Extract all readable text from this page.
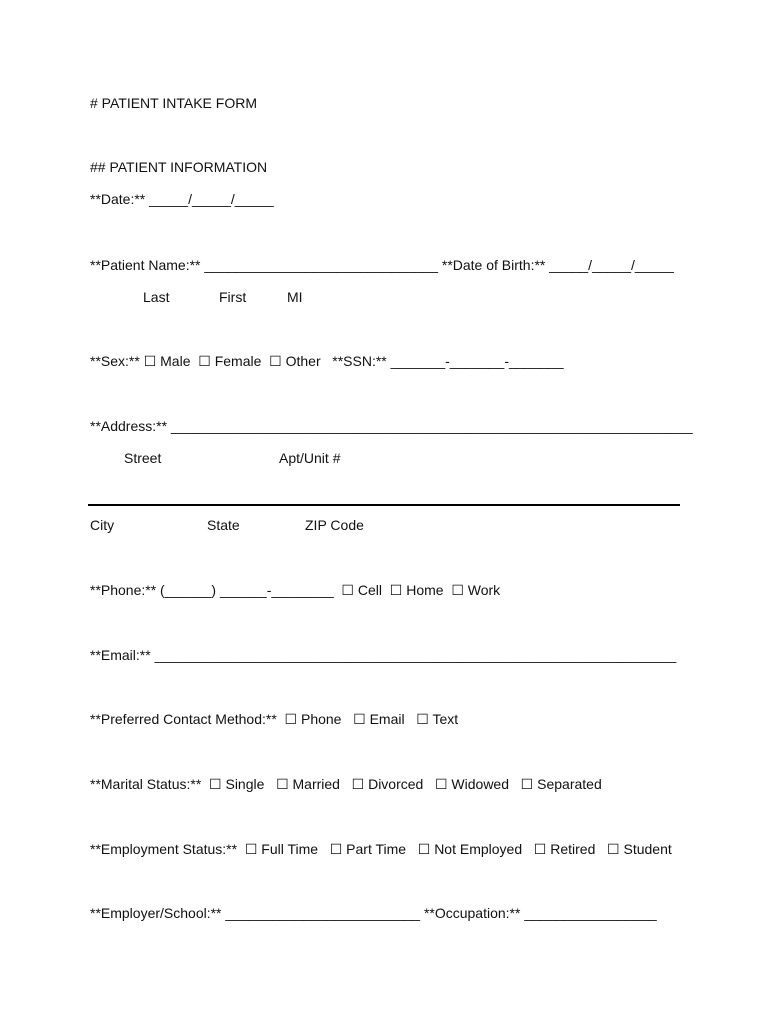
# PATIENT INTAKE FORM
## PATIENT INFORMATION
**Date:** _____/_____/_____
**Patient Name:** ______________________________ **Date of Birth:** _____/_____/_____
Last	First	MI
**Sex:** ☐ Male  ☐ Female  ☐ Other   **SSN:** _______-_______-_______
**Address:** ___________________________________________________________________
Street	Apt/Unit #
City	State	ZIP Code
**Phone:** (______) ______-________  ☐ Cell  ☐ Home  ☐ Work
**Email:** ___________________________________________________________________
**Preferred Contact Method:**  ☐ Phone   ☐ Email   ☐ Text
**Marital Status:**  ☐ Single   ☐ Married   ☐ Divorced   ☐ Widowed   ☐ Separated
**Employment Status:**  ☐ Full Time   ☐ Part Time   ☐ Not Employed   ☐ Retired   ☐ Student
**Employer/School:** _________________________ **Occupation:** _________________
